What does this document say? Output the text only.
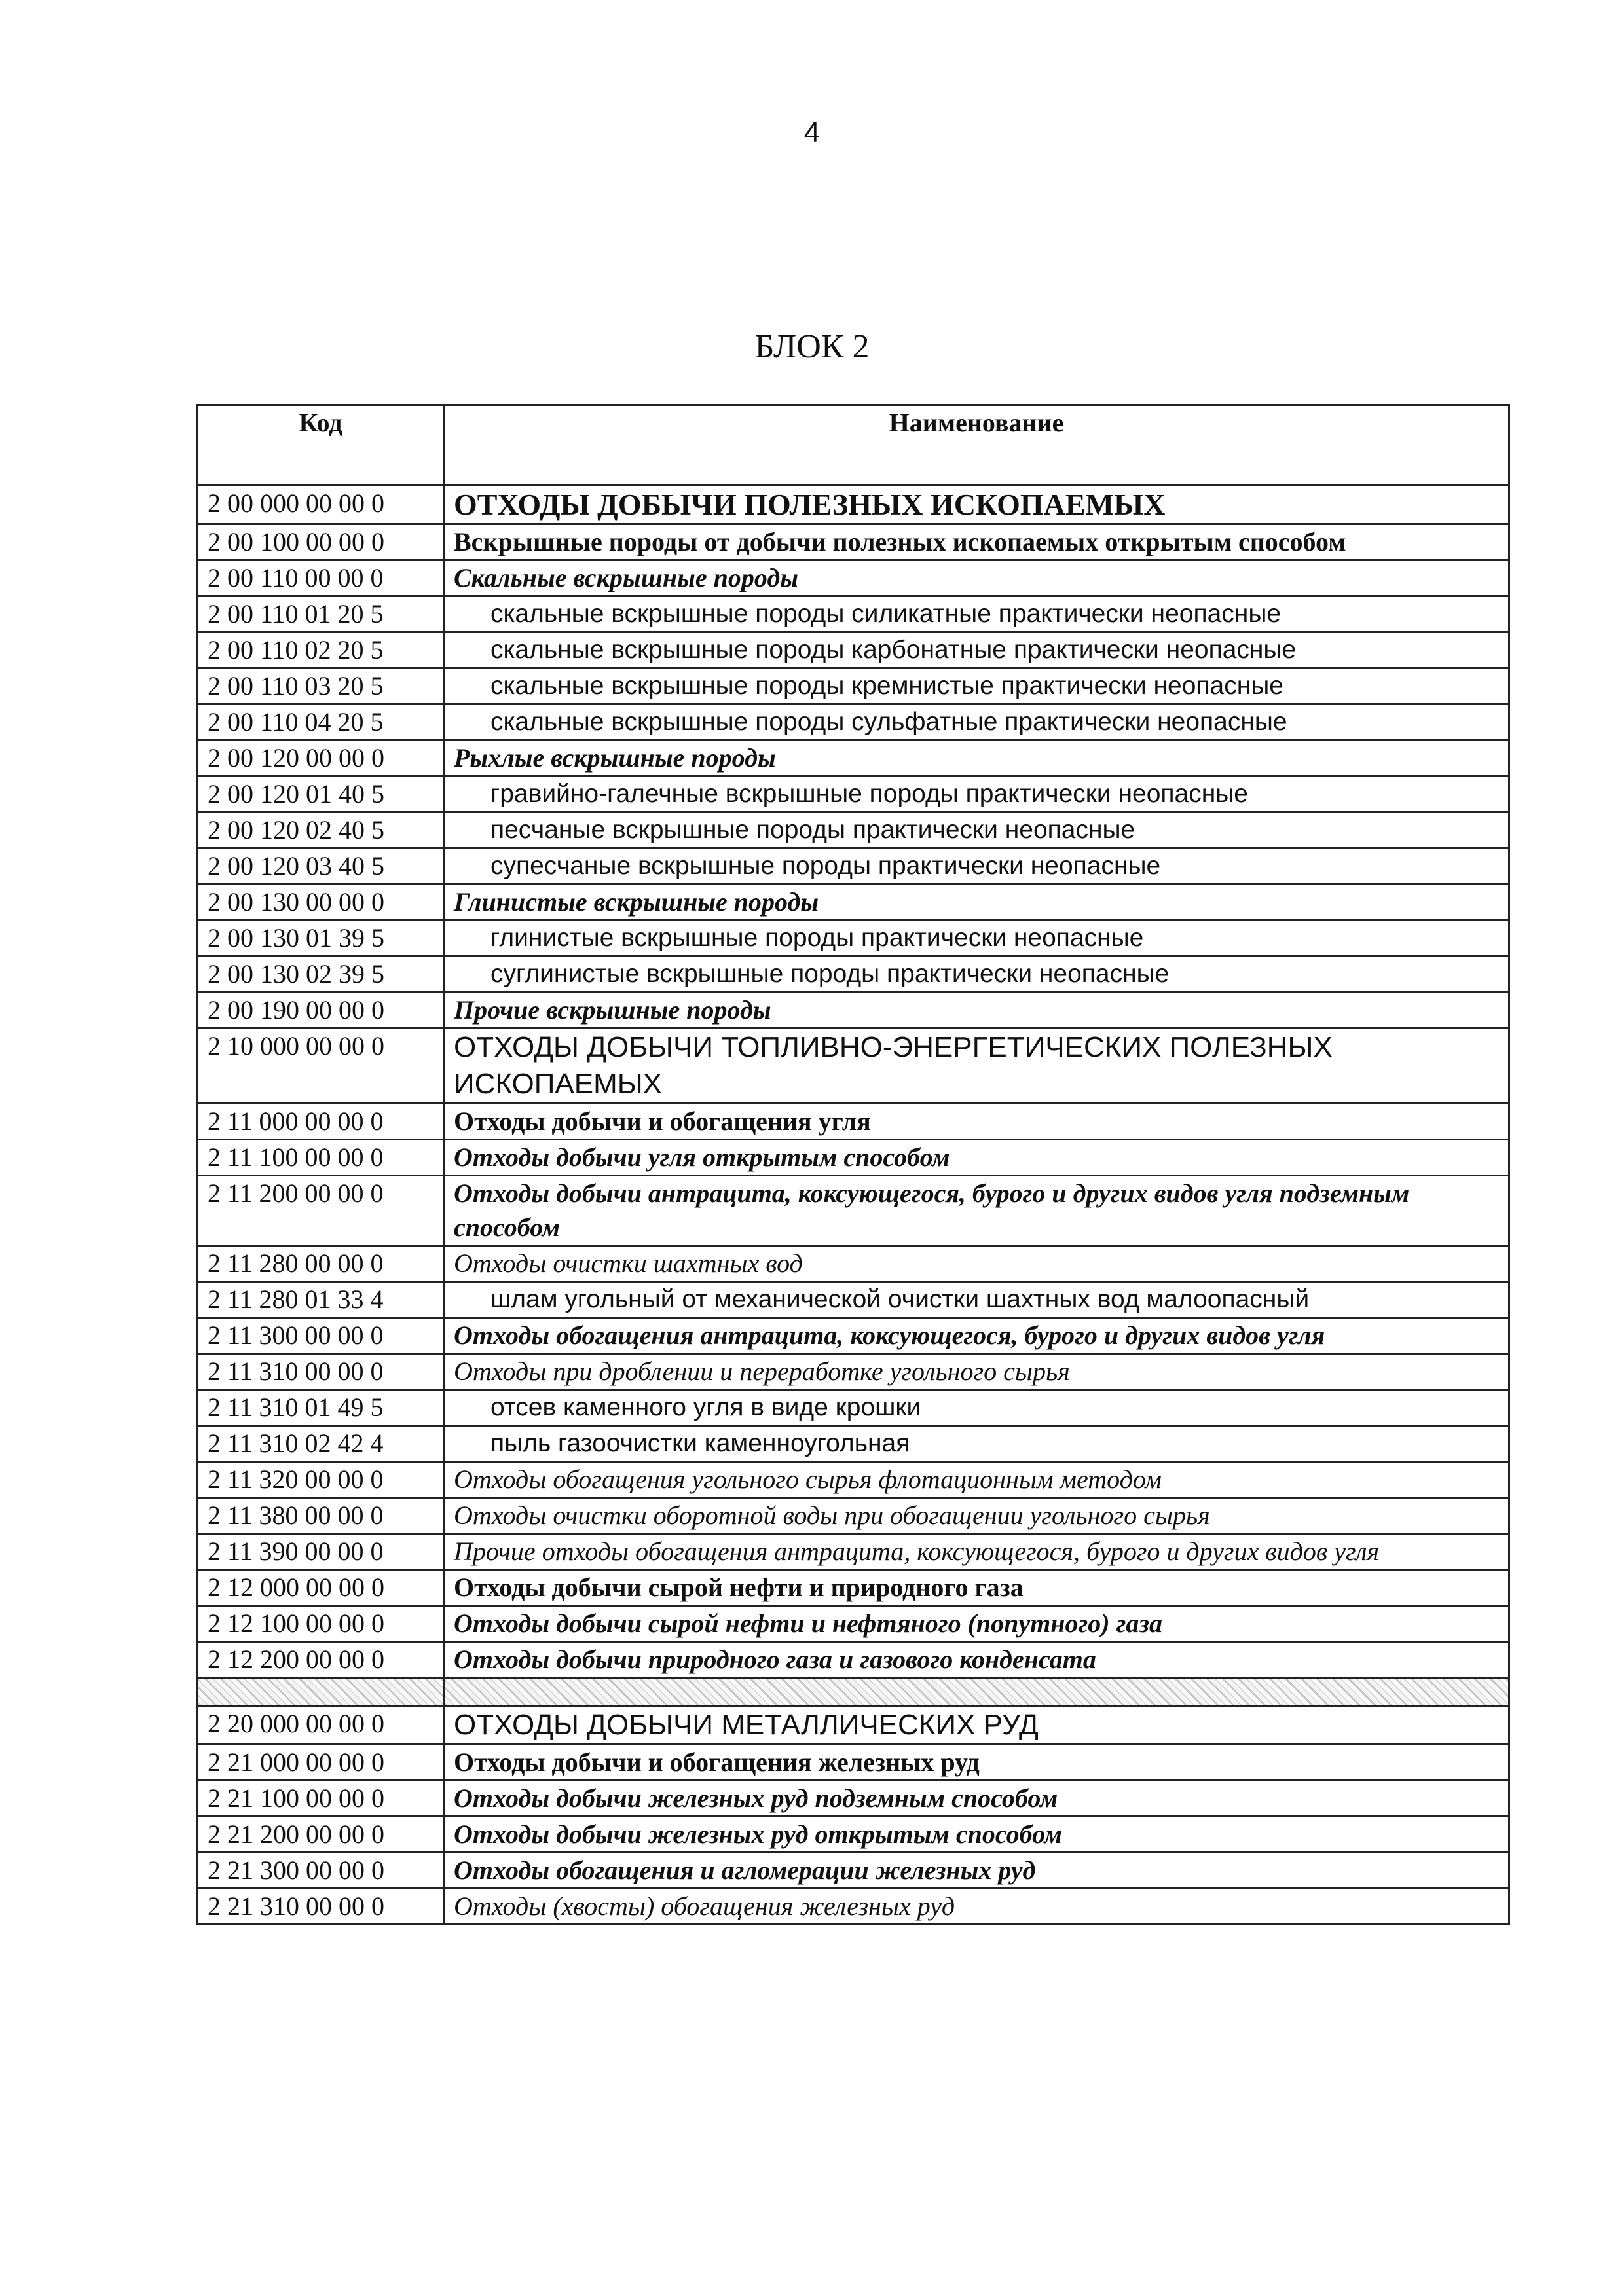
4
БЛОК 2
Код	Наименование
2 00 000 00 00 0	ОТХОДЫ ДОБЫЧИ ПОЛЕЗНЫХ ИСКОПАЕМЫХ
2 00 100 00 00 0	Вскрышные породы от добычи полезных ископаемых открытым способом
2 00 110 00 00 0	Скальные вскрышные породы
2 00 110 01 20 5	скальные вскрышные породы силикатные практически неопасные
2 00 110 02 20 5	скальные вскрышные породы карбонатные практически неопасные
2 00 110 03 20 5	скальные вскрышные породы кремнистые практически неопасные
2 00 110 04 20 5	скальные вскрышные породы сульфатные практически неопасные
2 00 120 00 00 0	Рыхлые вскрышные породы
2 00 120 01 40 5	гравийно-галечные вскрышные породы практически неопасные
2 00 120 02 40 5	песчаные вскрышные породы практически неопасные
2 00 120 03 40 5	супесчаные вскрышные породы практически неопасные
2 00 130 00 00 0	Глинистые вскрышные породы
2 00 130 01 39 5	глинистые вскрышные породы практически неопасные
2 00 130 02 39 5	суглинистые вскрышные породы практически неопасные
2 00 190 00 00 0	Прочие вскрышные породы
2 10 000 00 00 0	ОТХОДЫ ДОБЫЧИ ТОПЛИВНО-ЭНЕРГЕТИЧЕСКИХ ПОЛЕЗНЫХ ИСКОПАЕМЫХ
2 11 000 00 00 0	Отходы добычи и обогащения угля
2 11 100 00 00 0	Отходы добычи угля открытым способом
2 11 200 00 00 0	Отходы добычи антрацита, коксующегося, бурого и других видов угля подземным способом
2 11 280 00 00 0	Отходы очистки шахтных вод
2 11 280 01 33 4	шлам угольный от механической очистки шахтных вод малоопасный
2 11 300 00 00 0	Отходы обогащения антрацита, коксующегося, бурого и других видов угля
2 11 310 00 00 0	Отходы при дроблении и переработке угольного сырья
2 11 310 01 49 5	отсев каменного угля в виде крошки
2 11 310 02 42 4	пыль газоочистки каменноугольная
2 11 320 00 00 0	Отходы обогащения угольного сырья флотационным методом
2 11 380 00 00 0	Отходы очистки оборотной воды при обогащении угольного сырья
2 11 390 00 00 0	Прочие отходы обогащения антрацита, коксующегося, бурого и других видов угля
2 12 000 00 00 0	Отходы добычи сырой нефти и природного газа
2 12 100 00 00 0	Отходы добычи сырой нефти и нефтяного (попутного) газа
2 12 200 00 00 0	Отходы добычи природного газа и газового конденсата

2 20 000 00 00 0	ОТХОДЫ ДОБЫЧИ МЕТАЛЛИЧЕСКИХ РУД
2 21 000 00 00 0	Отходы добычи и обогащения железных руд
2 21 100 00 00 0	Отходы добычи железных руд подземным способом
2 21 200 00 00 0	Отходы добычи железных руд открытым способом
2 21 300 00 00 0	Отходы обогащения и агломерации железных руд
2 21 310 00 00 0	Отходы (хвосты) обогащения железных руд
